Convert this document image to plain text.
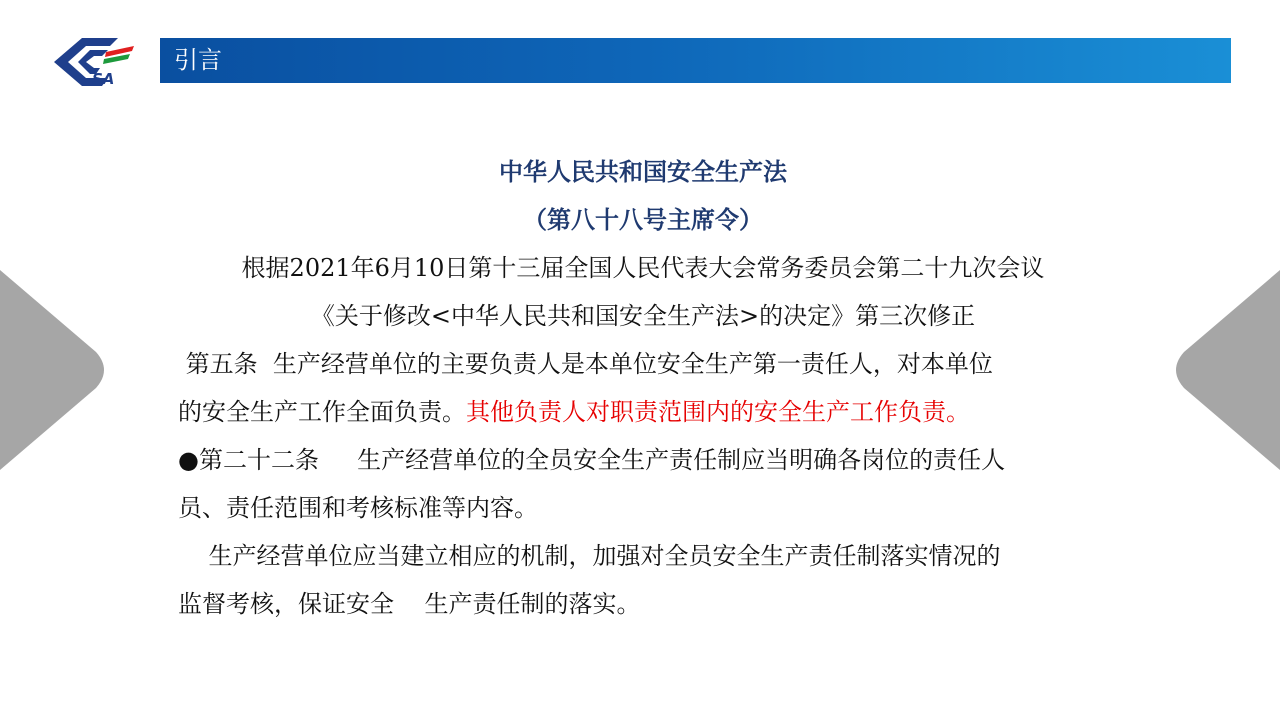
SA
引言
中华人民共和国安全生产法
（第八十八号主席令）
根据2021年6月10日第十三届全国人民代表大会常务委员会第二十九次会议
《关于修改<中华人民共和国安全生产法>的决定》第三次修正
第五条  生产经营单位的主要负责人是本单位安全生产第一责任人，对本单位
的安全生产工作全面负责。其他负责人对职责范围内的安全生产工作负责。
●第二十二条     生产经营单位的全员安全生产责任制应当明确各岗位的责任人
员、责任范围和考核标准等内容。
生产经营单位应当建立相应的机制，加强对全员安全生产责任制落实情况的
监督考核，保证安全    生产责任制的落实。
